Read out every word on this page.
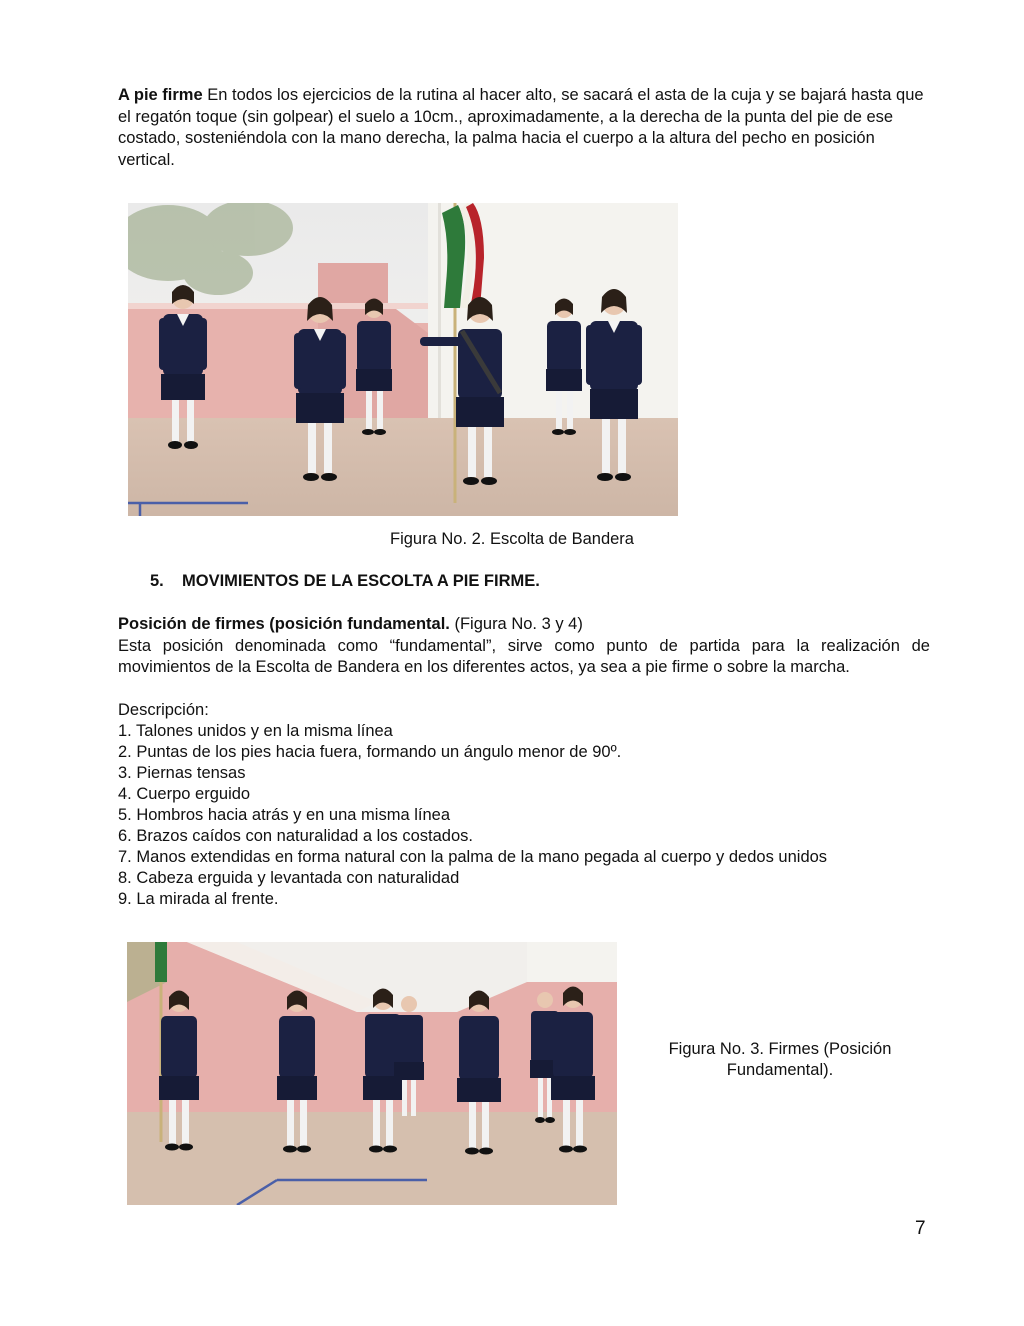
A pie firme En todos los ejercicios de la rutina al hacer alto, se sacará el asta de la cuja y se bajará hasta que el regatón toque (sin golpear) el suelo a 10cm., aproximadamente, a la derecha de la punta del pie de ese costado, sosteniéndola con la mano derecha, la palma hacia el cuerpo a la altura del pecho en posición vertical.
Figura No. 2. Escolta de Bandera
5. MOVIMIENTOS DE LA ESCOLTA A PIE FIRME.
Posición de firmes (posición fundamental. (Figura No. 3 y 4)
Esta posición denominada como “fundamental”, sirve como punto de partida para la realización de movimientos de la Escolta de Bandera en los diferentes actos, ya sea a pie firme o sobre la marcha.
Descripción:
1. Talones unidos y en la misma línea
2. Puntas de los pies hacia fuera, formando un ángulo menor de 90º.
3. Piernas tensas
4. Cuerpo erguido
5. Hombros hacia atrás y en una misma línea
6. Brazos caídos con naturalidad a los costados.
7. Manos extendidas en forma natural con la palma de la mano pegada al cuerpo y dedos unidos
8. Cabeza erguida y levantada con naturalidad
9. La mirada al frente.
Figura No. 3. Firmes (Posición
Fundamental).
7
